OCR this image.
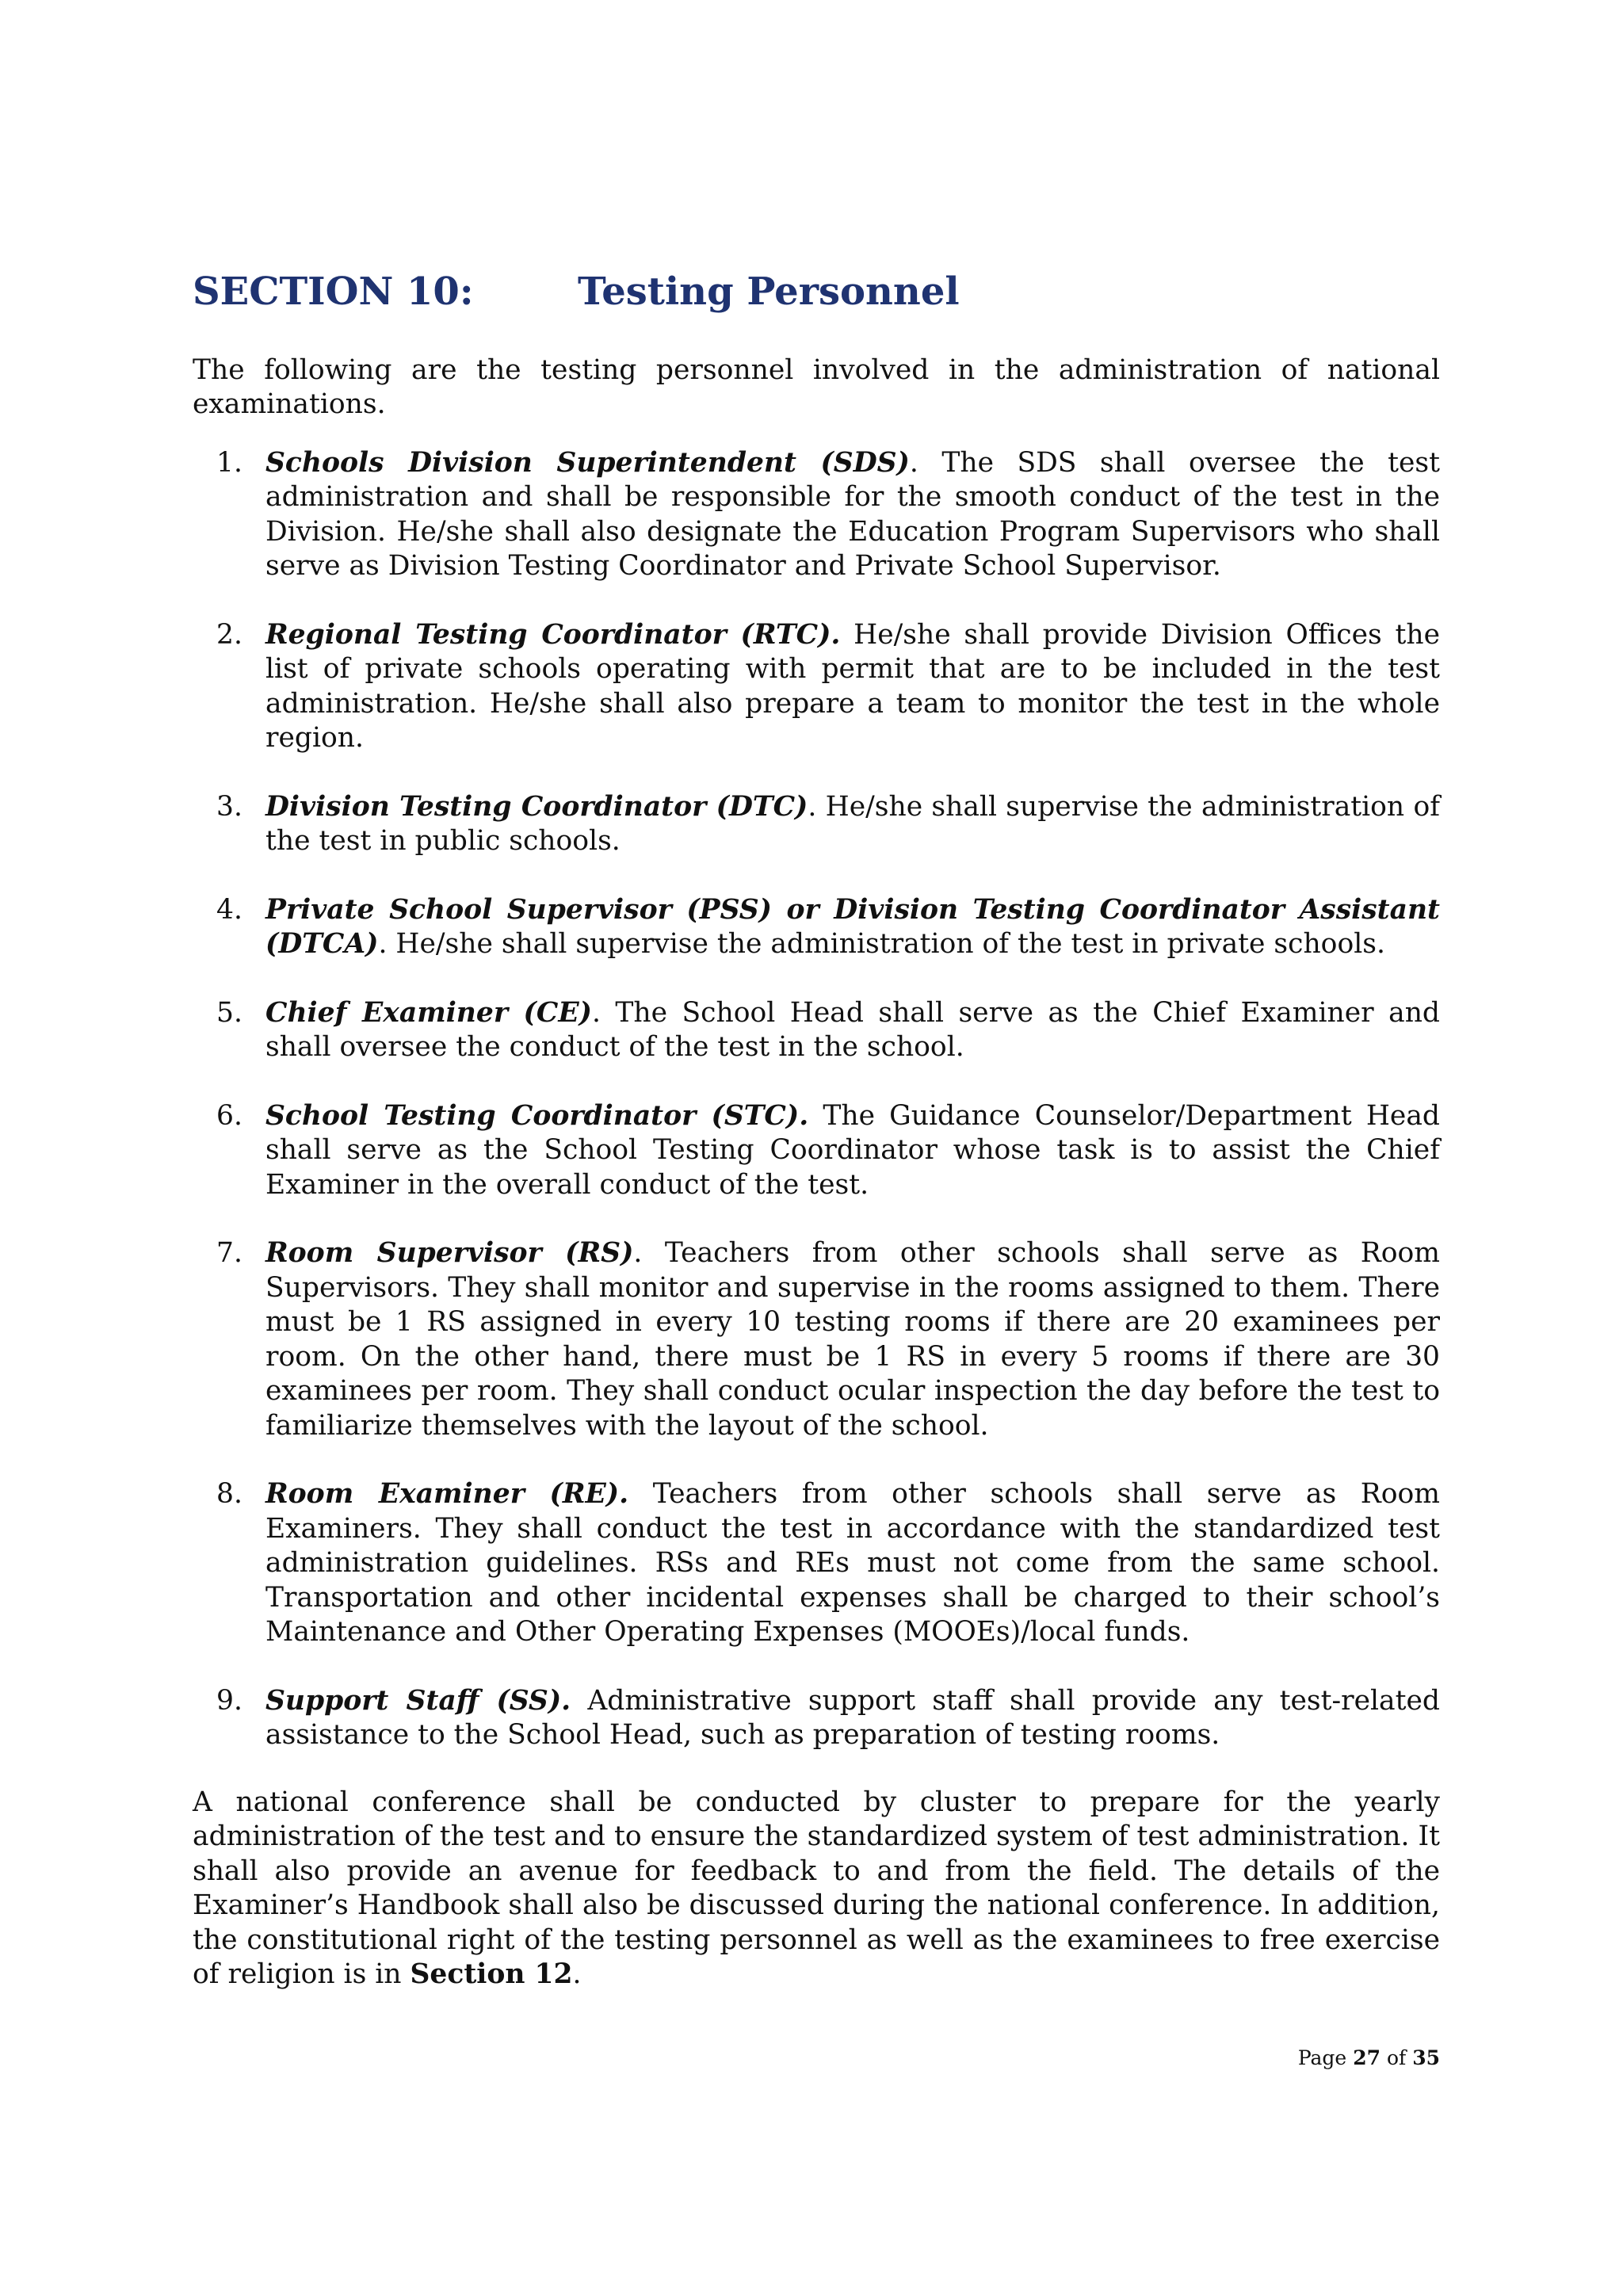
SECTION 10:	Testing Personnel

The following are the testing personnel involved in the administration of national examinations.

1. Schools Division Superintendent (SDS). The SDS shall oversee the test administration and shall be responsible for the smooth conduct of the test in the Division. He/she shall also designate the Education Program Supervisors who shall serve as Division Testing Coordinator and Private School Supervisor.
2. Regional Testing Coordinator (RTC). He/she shall provide Division Offices the list of private schools operating with permit that are to be included in the test administration. He/she shall also prepare a team to monitor the test in the whole region.
3. Division Testing Coordinator (DTC). He/she shall supervise the administration of the test in public schools.
4. Private School Supervisor (PSS) or Division Testing Coordinator Assistant (DTCA). He/she shall supervise the administration of the test in private schools.
5. Chief Examiner (CE). The School Head shall serve as the Chief Examiner and shall oversee the conduct of the test in the school.
6. School Testing Coordinator (STC). The Guidance Counselor/Department Head shall serve as the School Testing Coordinator whose task is to assist the Chief Examiner in the overall conduct of the test.
7. Room Supervisor (RS). Teachers from other schools shall serve as Room Supervisors. They shall monitor and supervise in the rooms assigned to them. There must be 1 RS assigned in every 10 testing rooms if there are 20 examinees per room. On the other hand, there must be 1 RS in every 5 rooms if there are 30 examinees per room. They shall conduct ocular inspection the day before the test to familiarize themselves with the layout of the school.
8. Room Examiner (RE). Teachers from other schools shall serve as Room Examiners. They shall conduct the test in accordance with the standardized test administration guidelines. RSs and REs must not come from the same school. Transportation and other incidental expenses shall be charged to their school’s Maintenance and Other Operating Expenses (MOOEs)/local funds.
9. Support Staff (SS). Administrative support staff shall provide any test-related assistance to the School Head, such as preparation of testing rooms.

A national conference shall be conducted by cluster to prepare for the yearly administration of the test and to ensure the standardized system of test administration. It shall also provide an avenue for feedback to and from the field. The details of the Examiner’s Handbook shall also be discussed during the national conference. In addition, the constitutional right of the testing personnel as well as the examinees to free exercise of religion is in Section 12.

Page 27 of 35
